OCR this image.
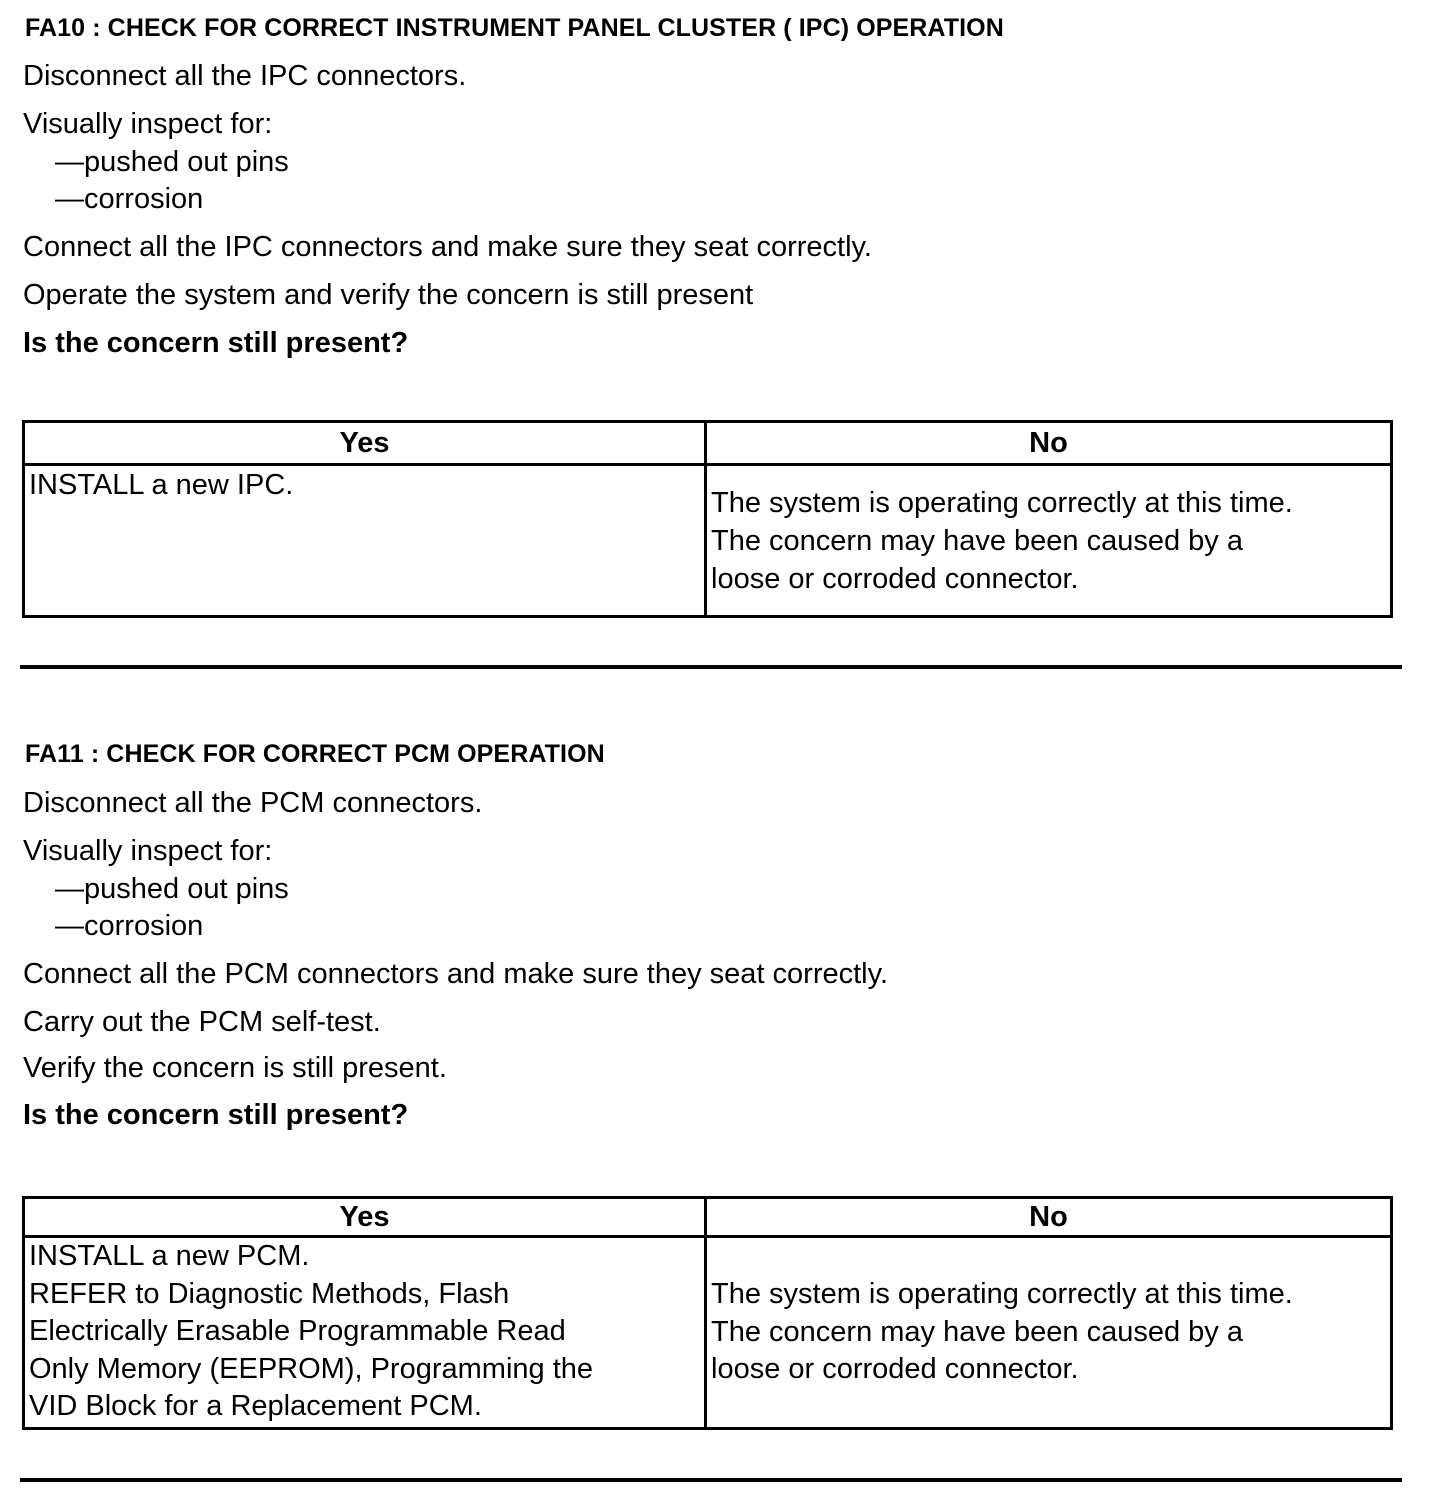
FA10 : CHECK FOR CORRECT INSTRUMENT PANEL CLUSTER ( IPC) OPERATION
Disconnect all the IPC connectors.
Visually inspect for:
—pushed out pins
—corrosion
Connect all the IPC connectors and make sure they seat correctly.
Operate the system and verify the concern is still present
Is the concern still present?
Yes	No

INSTALL a new IPC.	The system is operating correctly at this time.
The concern may have been caused by a
loose or corroded connector.
FA11 : CHECK FOR CORRECT PCM OPERATION
Disconnect all the PCM connectors.
Visually inspect for:
—pushed out pins
—corrosion
Connect all the PCM connectors and make sure they seat correctly.
Carry out the PCM self-test.
Verify the concern is still present.
Is the concern still present?
Yes	No

INSTALL a new PCM.
REFER to Diagnostic Methods, Flash
Electrically Erasable Programmable Read
Only Memory (EEPROM), Programming the
VID Block for a Replacement PCM.	The system is operating correctly at this time.
The concern may have been caused by a
loose or corroded connector.
